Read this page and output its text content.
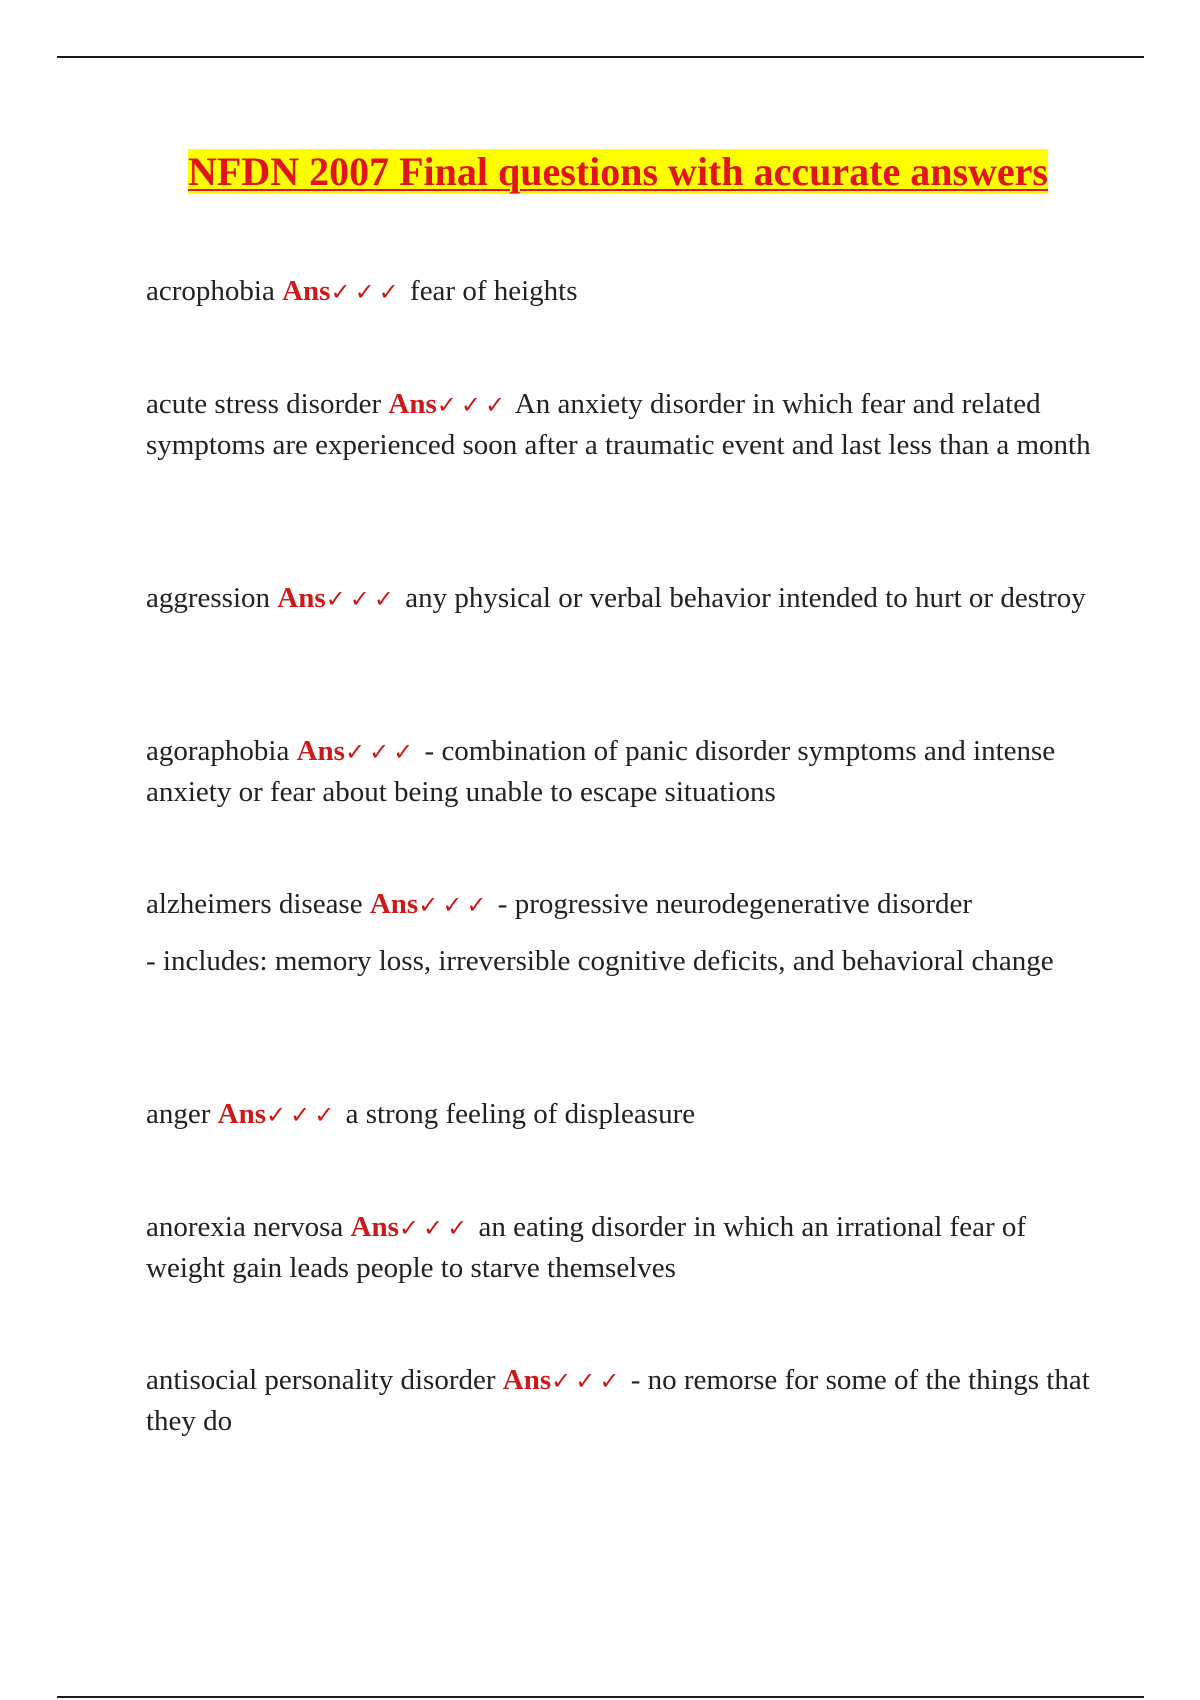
NFDN 2007 Final questions with accurate answers

acrophobia Ans✓✓✓ fear of heights

acute stress disorder Ans✓✓✓ An anxiety disorder in which fear and related symptoms are experienced soon after a traumatic event and last less than a month

aggression Ans✓✓✓ any physical or verbal behavior intended to hurt or destroy

agoraphobia Ans✓✓✓ - combination of panic disorder symptoms and intense anxiety or fear about being unable to escape situations

alzheimers disease Ans✓✓✓ - progressive neurodegenerative disorder

- includes: memory loss, irreversible cognitive deficits, and behavioral change

anger Ans✓✓✓ a strong feeling of displeasure

anorexia nervosa Ans✓✓✓ an eating disorder in which an irrational fear of weight gain leads people to starve themselves

antisocial personality disorder Ans✓✓✓ - no remorse for some of the things that they do
